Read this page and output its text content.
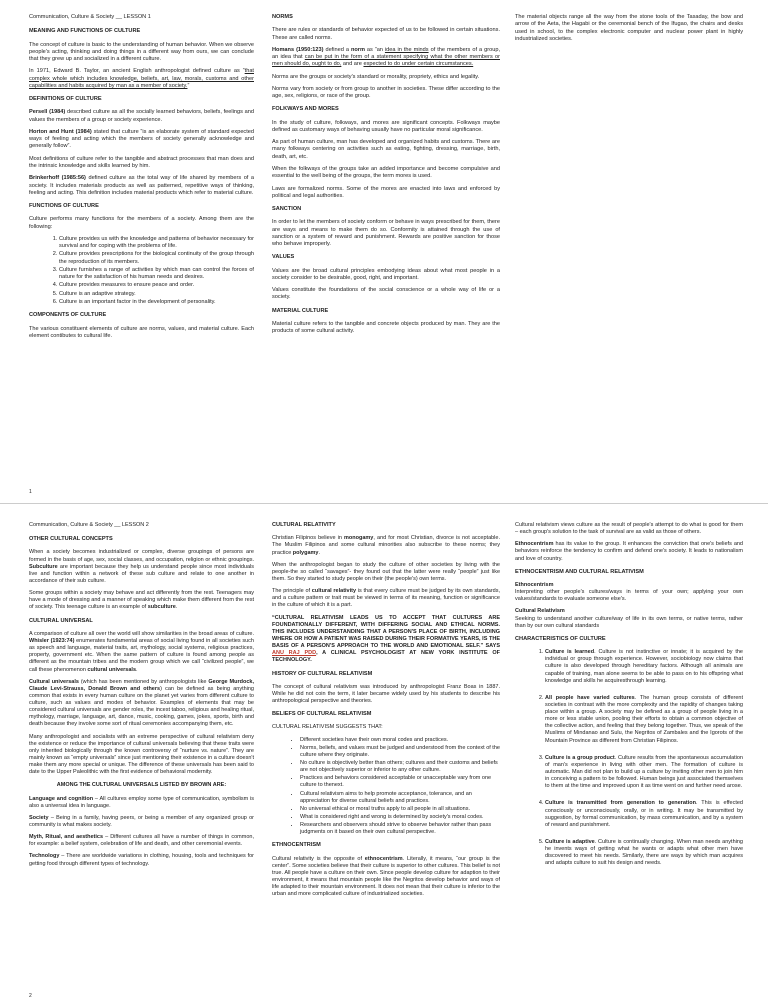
Communication, Culture & Society __ LESSON 1

MEANING AND FUNCTIONS OF CULTURE

The concept of culture is basic to the understanding of human behavior. When we observe people's acting, thinking and doing things in a different way from ours, we can conclude that they grew up and socialized in a different culture.

In 1971, Edward B. Taylor, an ancient English anthropologist defined culture as “that complex whole which includes knowledge, beliefs, art, law, morals, customs and other capabilities and habits acquired by man as a member of society.”

DEFINITIONS OF CULTURE

Persell (1984) described culture as all the socially learned behaviors, beliefs, feelings and values the members of a group or society experience.

Horton and Hunt (1984) stated that culture “is an elaborate system of standard expected ways of feeling and acting which the members of society generally acknowledge and generally follow”.

Most definitions of culture refer to the tangible and abstract processes that man does and the intrinsic knowledge and skills learned by him.

Brinkerhoff (1985:56) defined culture as the total way of life shared by members of a society. It includes materials products as well as patterned, repetitive ways of thinking, feeling and acting. This definition includes material products which refer to material culture.

FUNCTIONS OF CULTURE

Culture performs many functions for the members of a society. Among them are the following:

1. Culture provides us with the knowledge and patterns of behavior necessary for survival and for coping with the problems of life.
2. Culture provides prescriptions for the biological continuity of the group through the reproduction of its members.
3. Culture furnishes a range of activities by which man can control the forces of nature for the satisfaction of his human needs and desires.
4. Culture provides measures to ensure peace and order.
5. Culture is an adaptive strategy.
6. Culture is an important factor in the development of personality.
COMPONENTS OF CULTURE

The various constituent elements of culture are norms, values, and material culture. Each element contibutes to cultural life.

NORMS

There are rules or standards of behavior expected of us to be followed in certain situations. These are called norms.

Homans (1950:123) defined a norm as “an idea in the minds of the members of a group, an idea that can be put in the form of a statement specifying what the other members or men should do, ought to do, and are expected to do under certain circumstances.

Norms are the groups or society's standard or morality, propriety, ethics and legality.

Norms vary from society or from group to another in societies. These differ according to the age, sex, religions, or race of the group.

FOLKWAYS AND MORES

In the study of culture, folkways, and mores are significant concepts. Folkways maybe defined as customary ways of behaving usually have no particular moral significance.

As part of human culture, man has developed and organized habits and customs. There are many folkways centering on activities such as eating, fighting, dressing, marriage, birth, death, art, etc.

When the folkways of the groups take an added importance and become compulsive and essential to the well being of the groups, the term mores is used.

Laws are formalized norms. Some of the mores are enacted into laws and enforced by political and legal authorities.

SANCTION

In order to let the members of society conform or behave in ways prescribed for them, there are ways and means to make them do so. Conformity is attained through the use of sanction or a system of reward and punishment. Rewards are positive sanction for those who behave improperly.

VALUES

Values are the broad cultural principles embodying ideas about what most people in a society consider to be desirable, good, right, and important.

Values constitute the foundations of the social conscience or a whole way of life or a society.

MATERIAL CULTURE

Material culture refers to the tangible and concrete objects produced by man. They are the products of some cultural activity.

The material objects range all the way from the stone tools of the Tasaday, the bow and arrow of the Aeta, the Hagabi or the ceremonial bench of the Ifugao, the chairs and desks used in school, to the complex electronic computer and nuclear power plant in highly industrialized societies.

1

Communication, Culture & Society __ LESSON 2

OTHER CULTURAL CONCEPTS

When a society becomes industrialized or complex, diverse groupings of persons are formed in the basis of age, sex, social classes, and occupation, religion or ethnic groupings. Subculture are important because they help us understand people since most individuals live and function within a network of these sub culture and relate to one another in accordance of their sub culture.

Some groups within a society may behave and act differently from the rest. Teenagers may have a mode of dressing and a manner of speaking which make them different from the rest of society. This teenage culture is an example of subculture.

CULTURAL UNIVERSAL

A comparison of culture all over the world will show similarities in the broad areas of culture. Whisler (1923:74) enumerates fundamental areas of social living found in all societies such as speech and language, material traits, art, mythology, social systems, religious practices, property, government etc. When the same pattern of culture is found among people as different as the mountain tribes and the modern group which we call “civilized people”, we call these phenomenon cultural universals.

Cultural universals (which has been mentioned by anthropologists like George Murdock, Claude Levi-Strauss, Donald Brown and others) can be defined as being anything common that exists in every human culture on the planet yet varies from different culture to culture, such as values and modes of behavior. Examples of elements that may be considered cultural universals are gender roles, the incest taboo, religious and healing ritual, mythology, marriage, language, art, dance, music, cooking, games, jokes, sports, birth and death because they involve some sort of ritual ceremonies accompanying them, etc.

Many anthropologist and socialists with an extreme perspective of cultural relativism deny the existence or reduce the importance of cultural universals believing that these traits were only inherited biologically through the known controversy of “nurture vs. nature”. They are mainly known as “empty universals” since just mentioning their existence in a culture doesn't make them any more special or unique. The difference of these universals has been said to date to the Upper Paleolithic with the first evidence of behavioral modernity.

AMONG THE CULTURAL UNIVERSALS LISTED BY BROWN ARE:

Language and cognition – All cultures employ some type of communication, symbolism is also a universal idea in language.

Society – Being in a family, having peers, or being a member of any organized group or community is what makes society.

Myth, Ritual, and aesthetics – Different cultures all have a number of things in common, for example: a belief system, celebration of life and death, and other ceremonial events.

Technology – There are worldwide variations in clothing, housing, tools and techniques for getting food through different types of technology.

CULTURAL RELATIVITY

Christian Filipinos believe in monogamy, and for most Christian, divorce is not acceptable. The Muslim Filipinos and some cultural minorities also subscribe to these norms; they practice polygamy.

When the anthropologist began to study the culture of other societies by living with the people-the so called “savages”- they found out that the latter were really “people” just like them. So they started to study people on their (the people's) own terms.

The principle of cultural relativity is that every culture must be judged by its own standards, and a culture pattern or trait must be viewed in terms of its meaning, function or significance in the culture of which it is a part.

“CULTURAL RELATIVISM LEADS US TO ACCEPT THAT CULTURES ARE FOUNDATIONALLY DIFFERENT, WITH DIFFERING SOCIAL AND ETHICAL NORMS. THIS INCLUDES UNDERSTANDING THAT A PERSON'S PLACE OF BIRTH, INCLUDING WHERE OR HOW A PATIENT WAS RAISED DURING THEIR FORMATIVE YEARS, IS THE BASIS OF A PERSON'S APPROACH TO THE WORLD AND EMOTIONAL SELF.” SAYS ANU RAJ PDD, A CLINICAL PSYCHOLOGIST AT NEW YORK INSTITUTE OF TECHNOLOGY.

HISTORY OF CULTURAL RELATIVISM

The concept of cultural relativism was introduced by anthropologist Franz Boas in 1887. While he did not coin the term, it later became widely used by his students to describe his anthropological perspective and theories.

BELIEFS OF CULTURAL RELATIVISM

CULTURAL RELATIVISM SUGGESTS THAT:

• Different societies have their own moral codes and practices.
• Norms, beliefs, and values must be judged and understood from the context of the culture where they originate.
• No culture is objectively better than others; cultures and their customs and beliefs are not objectively superior or inferior to any other culture.
• Practices and behaviors considered acceptable or unacceptable vary from one culture to thenext.
• Cultural relativism aims to help promote acceptance, tolerance, and an appreciation for diverse cultural beliefs and practices.
• No universal ethical or moral truths apply to all people in all situations.
• What is considered right and wrong is determined by society's moral codes.
• Researchers and observers should strive to observe behavior rather than pass judgments on it based on their own cultural perspective.
ETHNOCENTRISM

Cultural relativity is the opposite of ethnocentrism. Literally, it means, “our group is the center”. Some societies believe that their culture is superior to other cultures. This belief is not true. All people have a culture on their own. Since people develop culture for adaption to their environment, it means that mountain people like the Negritos develop behavior and ways of life adapted to their mountain environment. It does not mean that their culture is inferior to the urban and more complicated culture of industrialized societies.

Cultural relativism views culture as the result of people's attempt to do what is good for them – each group's solution to the task of survival are as valid as those of others.

Ethnocentrism has its value to the group. It enhances the conviction that one's beliefs and behaviors reinforce the tendency to confirm and defend one's society. It leads to nationalism and love of country.

ETHNOCENTRISM AND CULTURAL RELATIVISM

Ethnocentrism
Interpreting other people's cultures/ways in terms of your own; applying your own values/standards to evaluate someone else's.

Cultural Relativism
Seeking to understand another culture/way of life in its own terms, or native terms, rather than by our own cultural standards

CHARACTERISTICS OF CULTURE
1. Culture is learned. Culture is not instinctive or innate; it is acquired by the individual or group through experience. However, sociobiology now claims that culture is also developed through hereditary factors. Although all animals are capable of training, man alone seems to be able to pass on to his offspring what knowledge and skills he acquiresthrough learning.
2. All people have varied cultures. The human group consists of different societies in contrast with the more complexity and the rapidity of changes taking place within a group. A society may be defined as a group of people living in a more or less stable union, pooling their efforts to obtain a common objective of the collective action, and feeling that they belong together. Thus, we speak of the Muslims of Mindanao and Sulu, the Negritos of Zambales and the Igorots of the Mountain Province as different from Christian Filipinos.
3. Culture is a group product. Culture results from the spontaneous accumulation of man's experience in living with other men. The formation of culture is automatic. Man did not plan to build up a culture by inviting other men to join him in conceiving a pattern to be followed. Human beings just associated themselves to them at the time and improved upon it as time went on and further need arose.
4. Culture is transmitted from generation to generation. This is effected consciously or unconsciously, orally, or in writing. It may be transmitted by suggestion, by formal communication, by mass communication, and by a system of reward and punishment.
5. Culture is adaptive. Culture is continually changing. When man needs anything he invents ways of getting what he wants or adapts what other men have discovered to meet his needs. Similarly, there are ways by which man acquires and adapts culture to suit his design and needs.
2
